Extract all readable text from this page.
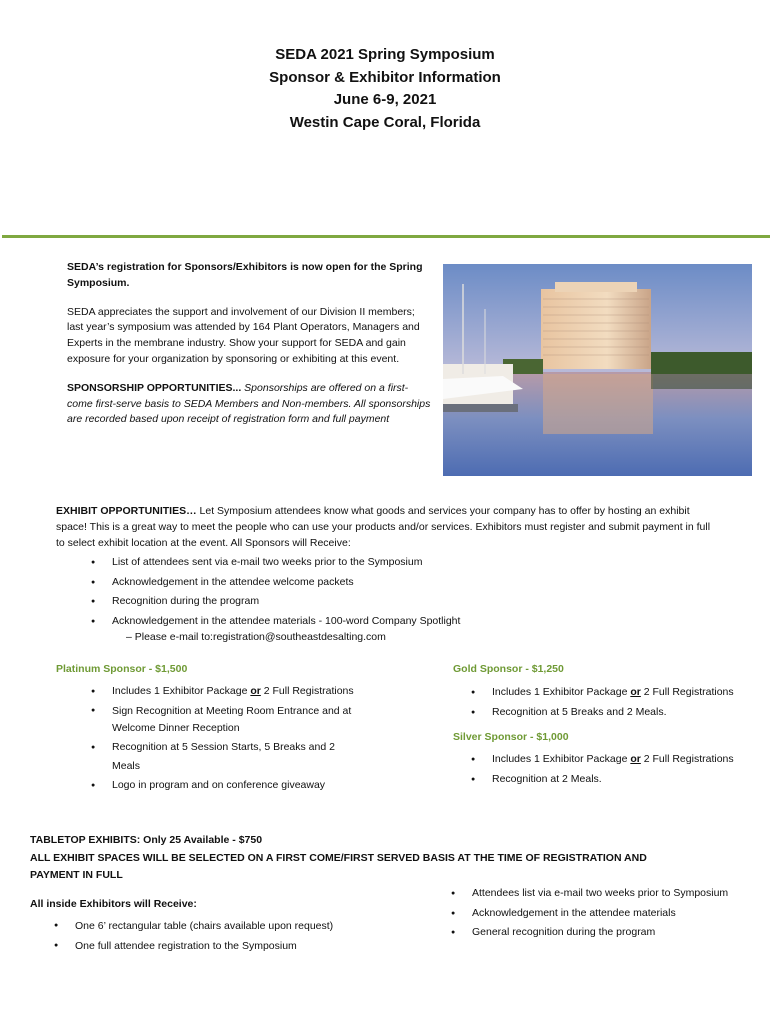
SEDA 2021 Spring Symposium
Sponsor & Exhibitor Information
June 6-9, 2021
Westin Cape Coral, Florida

SEDA’s registration for Sponsors/Exhibitors is now open for the Spring Symposium.

SEDA appreciates the support and involvement of our Division II members; last year’s symposium was attended by 164 Plant Operators, Managers and Experts in the membrane industry. Show your support for SEDA and gain exposure for your organization by sponsoring or exhibiting at this event.

SPONSORSHIP OPPORTUNITIES... Sponsorships are offered on a first- come first-serve basis to SEDA Members and Non-members. All sponsorships are recorded based upon receipt of registration form and full payment

EXHIBIT OPPORTUNITIES… Let Symposium attendees know what goods and services your company has to offer by hosting an exhibit space! This is a great way to meet the people who can use your products and/or services. Exhibitors must register and submit payment in full to select exhibit location at the event. All Sponsors will Receive:

● List of attendees sent via e-mail two weeks prior to the Symposium
● Acknowledgement in the attendee welcome packets
● Recognition during the program
● Acknowledgement in the attendee materials - 100-word Company Spotlight
– Please e-mail to:registration@southeastdesalting.com
Platinum Sponsor - $1,500
● Includes 1 Exhibitor Package or 2 Full Registrations
● Sign Recognition at Meeting Room Entrance and at Welcome Dinner Reception
● Recognition at 5 Session Starts, 5 Breaks and 2 Meals
● Logo in program and on conference giveaway
Gold Sponsor - $1,250
● Includes 1 Exhibitor Package or 2 Full Registrations
● Recognition at 5 Breaks and 2 Meals.
Silver Sponsor - $1,000
● Includes 1 Exhibitor Package or 2 Full Registrations
● Recognition at 2 Meals.

TABLETOP EXHIBITS: Only 25 Available - $750

ALL EXHIBIT SPACES WILL BE SELECTED ON A FIRST COME/FIRST SERVED BASIS AT THE TIME OF REGISTRATION AND PAYMENT IN FULL

All inside Exhibitors will Receive:
● One 6’ rectangular table (chairs available upon request)
● One full attendee registration to the Symposium
● Attendees list via e-mail two weeks prior to Symposium
● Acknowledgement in the attendee materials
● General recognition during the program
